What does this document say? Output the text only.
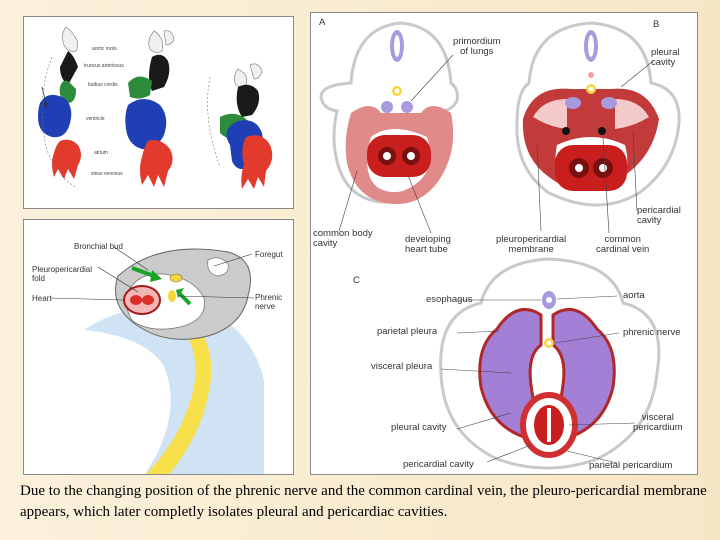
aortic roots
truncus arteriosus
bulbus cordis
ventricle
atrium
sinus venosus
Bronchial bud
Pleuropericardial
fold
Heart
Foregut
Phrenic
nerve
A	B
C
primordium
of lungs	pleural
cavity
pericardial
cavity
common body
cavity	developing
heart tube
pleuropericardial
membrane
common
cardinal vein
esophagus	aorta
parietal pleura	phrenic nerve
visceral pleura
pleural cavity
visceral
pericardium
pericardial cavity	parietal pericardium
Due to the changing position of the phrenic nerve and the common cardinal vein, the pleuro-pericardial membrane appears, which later completly isolates pleural and pericardiac cavities.
